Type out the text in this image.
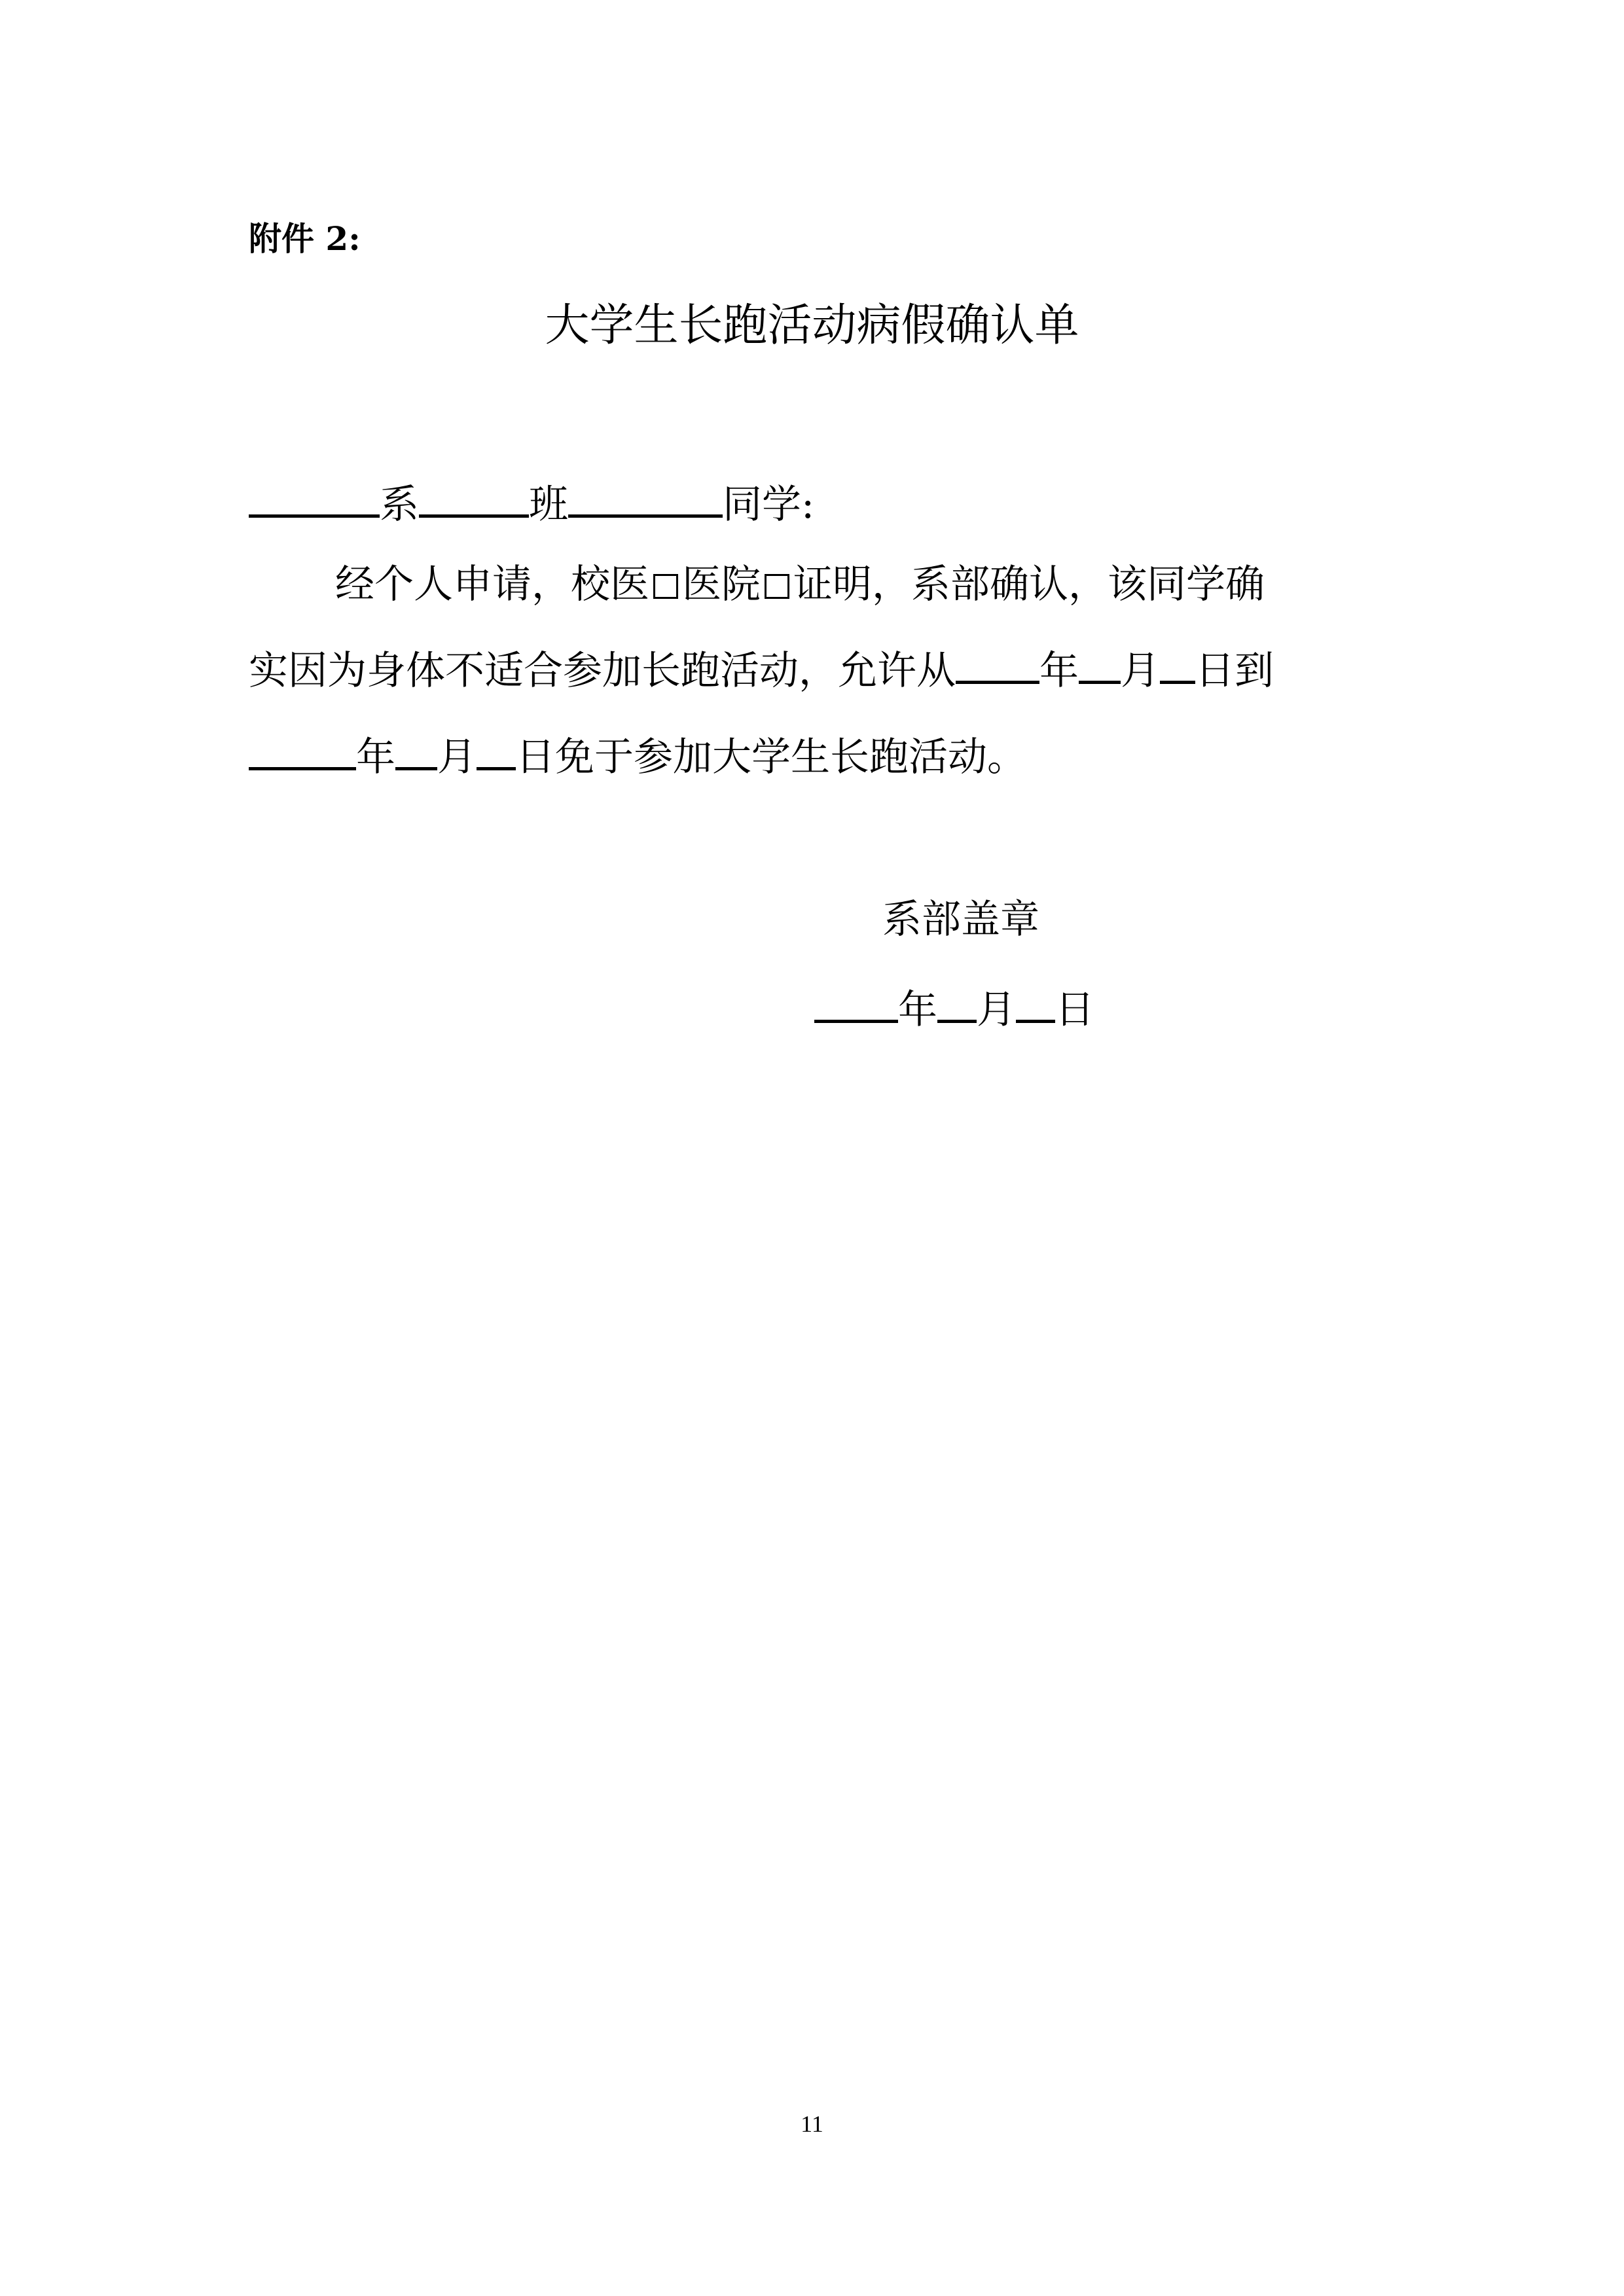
附件 2:
大学生长跑活动病假确认单
系	班	同学:
经个人申请，校医 医院 证明，系部确认，该同学确
实因为身体不适合参加长跑活动，允许从 年 月 日到
年 月 日免于参加大学生长跑活动。
系部盖章
年 月 日
11
